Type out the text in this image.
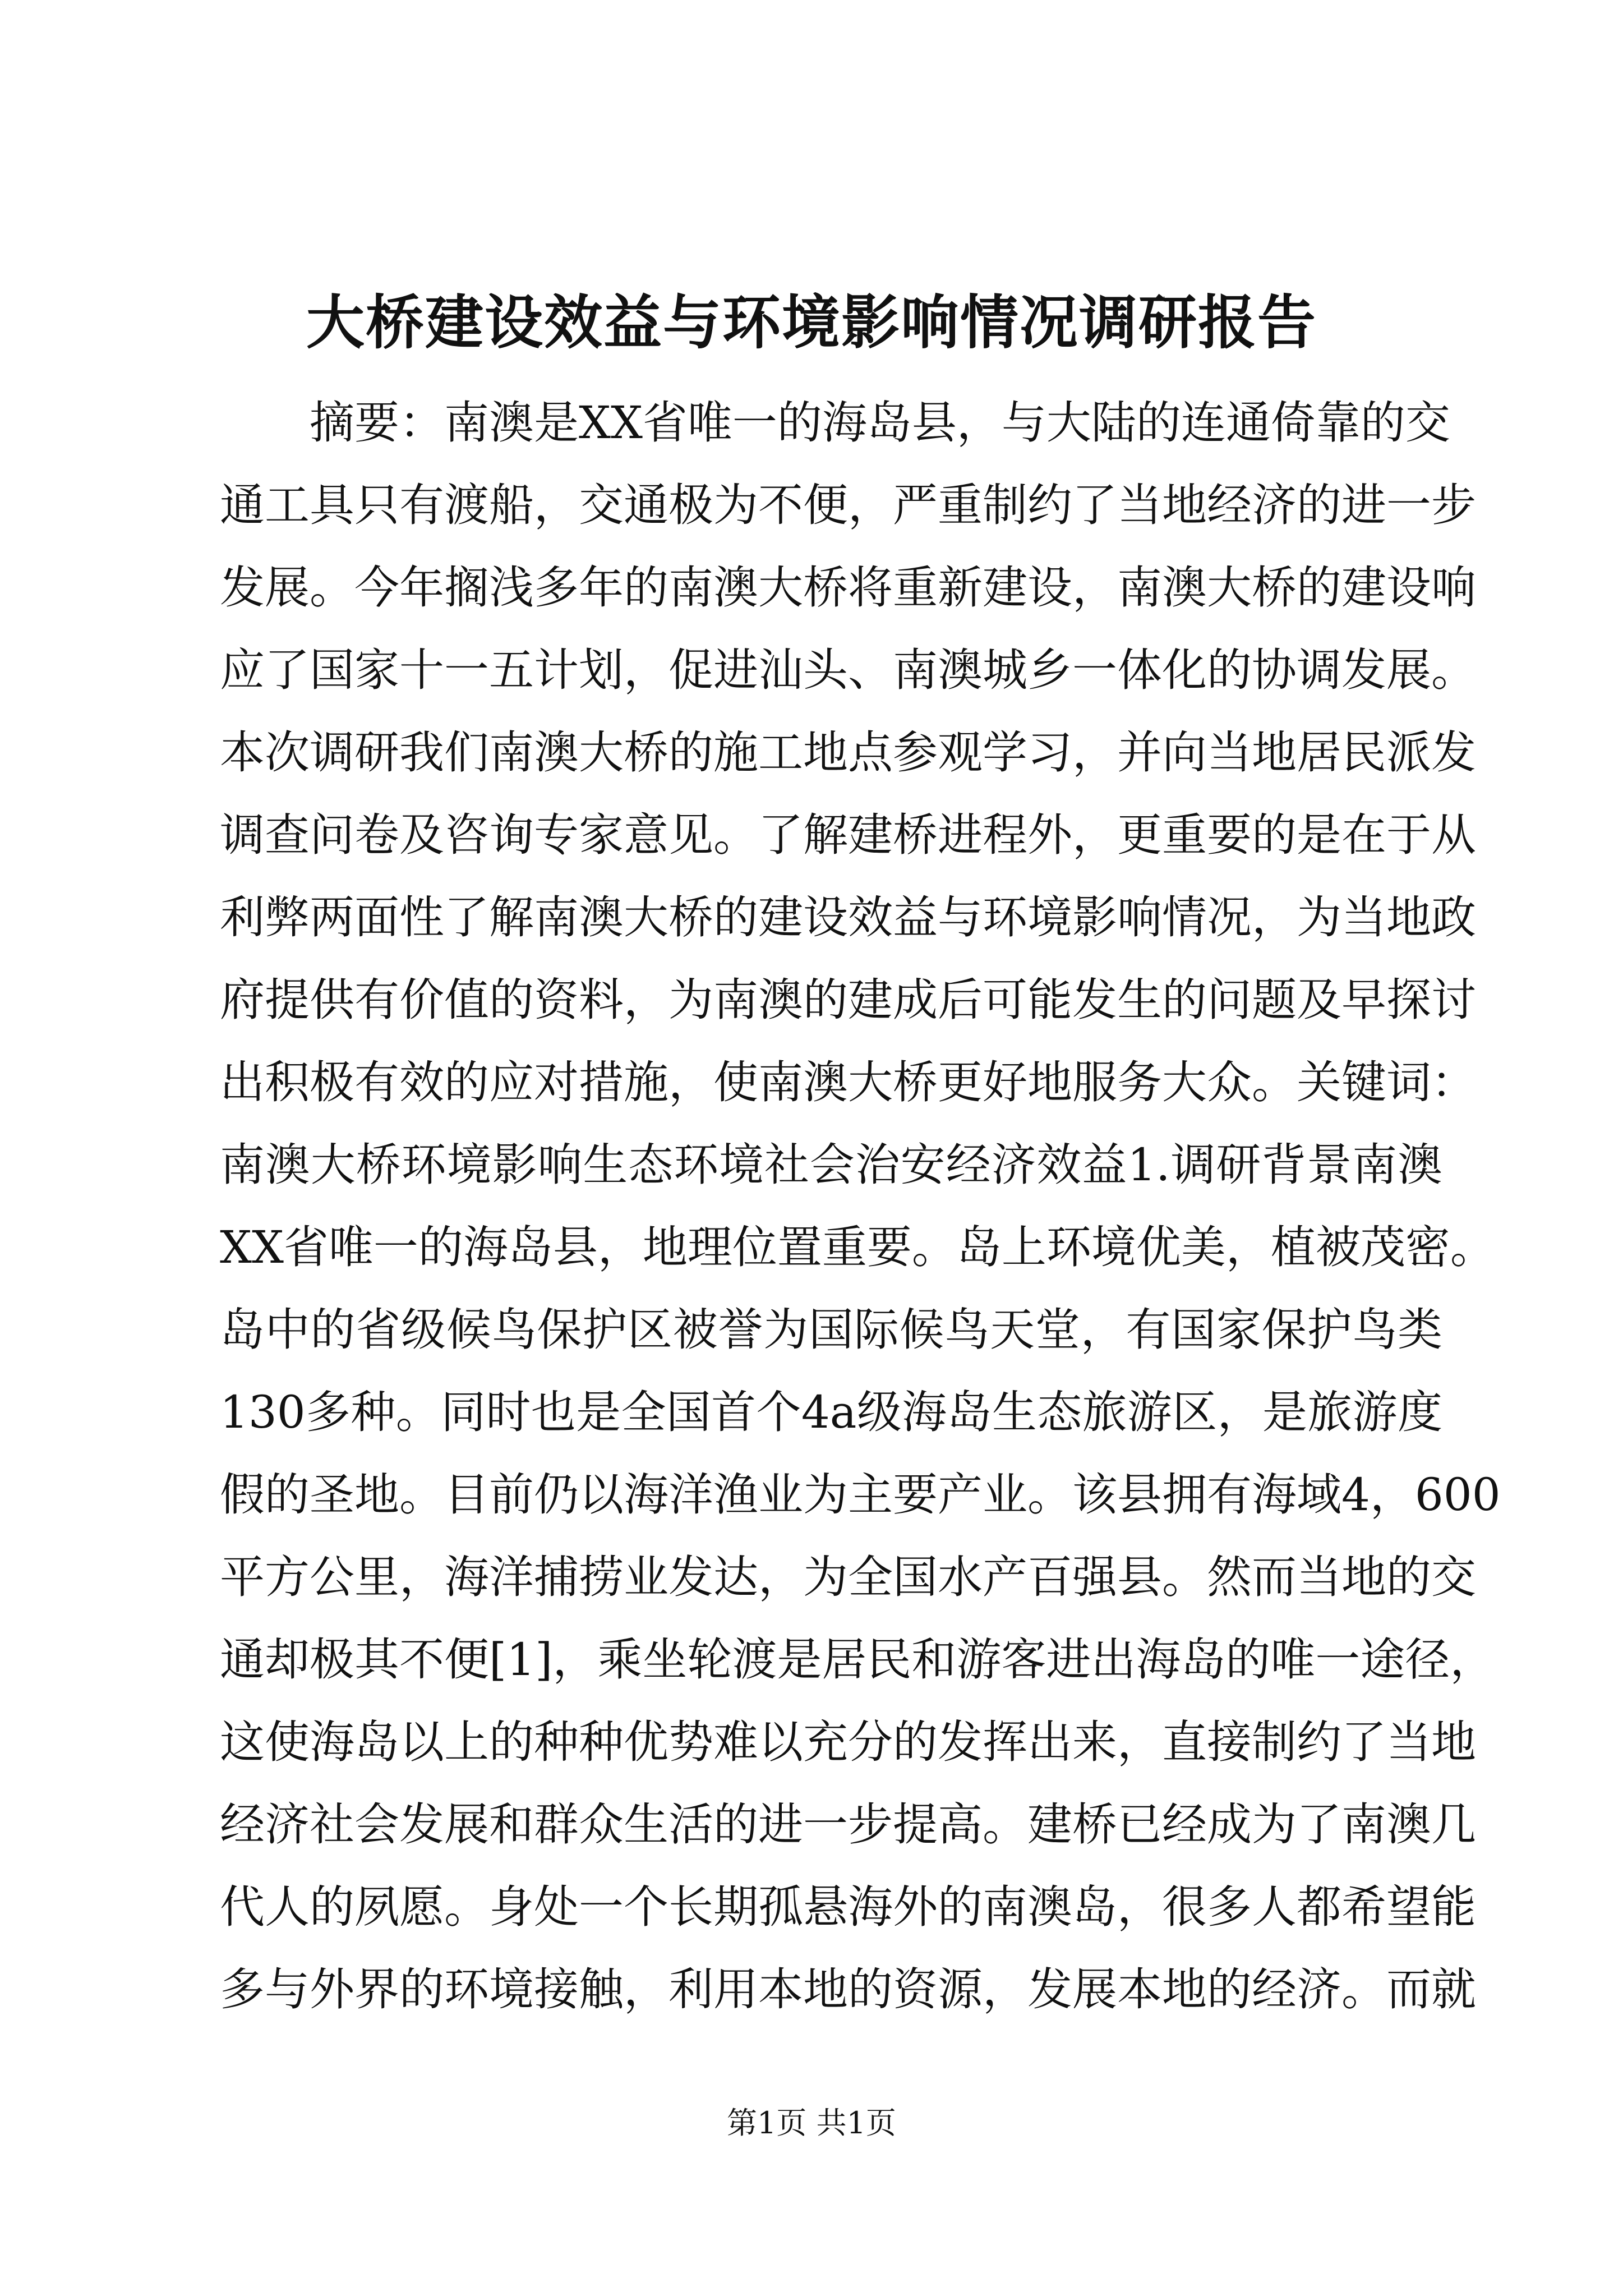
大桥建设效益与环境影响情况调研报告
摘要：南澳是XX省唯一的海岛县，与大陆的连通倚靠的交
通工具只有渡船，交通极为不便，严重制约了当地经济的进一步
发展。今年搁浅多年的南澳大桥将重新建设，南澳大桥的建设响
应了国家十一五计划，促进汕头、南澳城乡一体化的协调发展。
本次调研我们南澳大桥的施工地点参观学习，并向当地居民派发
调查问卷及咨询专家意见。了解建桥进程外，更重要的是在于从
利弊两面性了解南澳大桥的建设效益与环境影响情况，为当地政
府提供有价值的资料，为南澳的建成后可能发生的问题及早探讨
出积极有效的应对措施，使南澳大桥更好地服务大众。关键词：
南澳大桥环境影响生态环境社会治安经济效益1.调研背景南澳
XX省唯一的海岛县，地理位置重要。岛上环境优美，植被茂密。
岛中的省级候鸟保护区被誉为国际候鸟天堂，有国家保护鸟类
130多种。同时也是全国首个4a级海岛生态旅游区，是旅游度
假的圣地。目前仍以海洋渔业为主要产业。该县拥有海域4，600
平方公里，海洋捕捞业发达，为全国水产百强县。然而当地的交
通却极其不便[1]，乘坐轮渡是居民和游客进出海岛的唯一途径，
这使海岛以上的种种优势难以充分的发挥出来，直接制约了当地
经济社会发展和群众生活的进一步提高。建桥已经成为了南澳几
代人的夙愿。身处一个长期孤悬海外的南澳岛，很多人都希望能
多与外界的环境接触，利用本地的资源，发展本地的经济。而就
第1页 共1页
